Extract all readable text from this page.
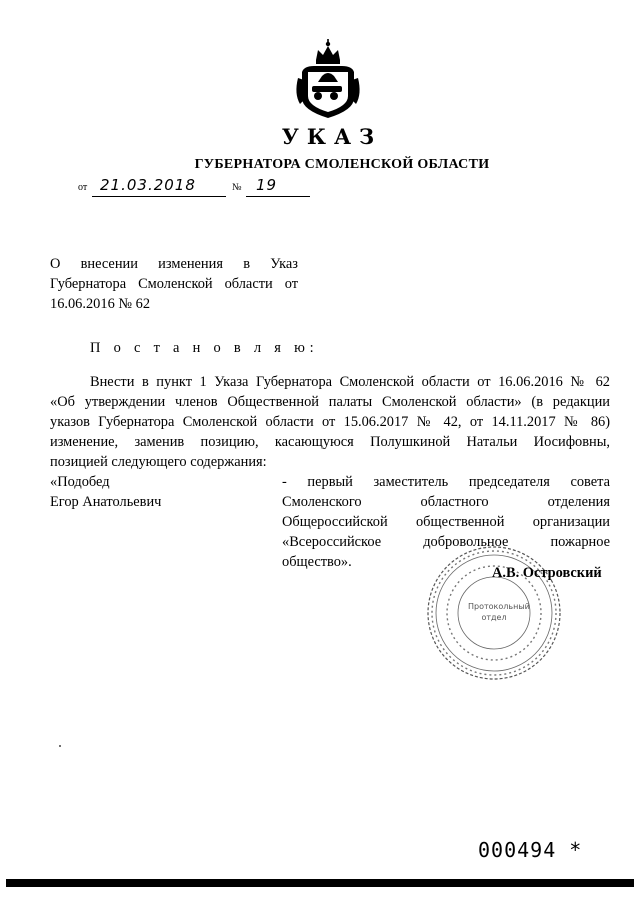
УКАЗ
ГУБЕРНАТОРА СМОЛЕНСКОЙ ОБЛАСТИ
от 21.03.2018	№ 19
О внесении изменения в Указ
Губернатора Смоленской области от
16.06.2016 № 62
П о с т а н о в л я ю:
Внести в пункт 1 Указа Губернатора Смоленской области от 16.06.2016 № 62
«Об утверждении членов Общественной палаты Смоленской области» (в редакции
указов Губернатора Смоленской области от 15.06.2017 № 42, от 14.11.2017 № 86)
изменение, заменив позицию, касающуюся Полушкиной Натальи Иосифовны,
позицией следующего содержания:
«Подобед
Егор Анатольевич
- первый заместитель председателя совета
Смоленского областного отделения
Общероссийской общественной организации
«Всероссийское добровольное пожарное
общество».
Протокольный
отдел
А.В. Островский
000494 *
